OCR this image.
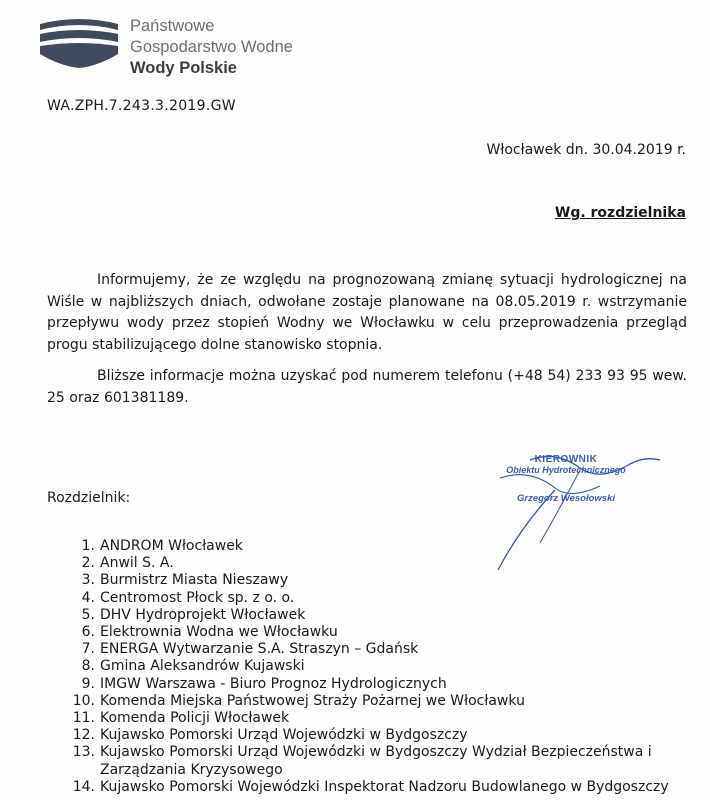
Państwowe
Gospodarstwo Wodne
Wody Polskie
WA.ZPH.7.243.3.2019.GW
Włocławek dn. 30.04.2019 r.
Wg. rozdzielnika

Informujemy, że ze względu na prognozowaną zmianę sytuacji hydrologicznej na Wiśle w najbliższych dniach, odwołane zostaje planowane na 08.05.2019 r. wstrzymanie przepływu wody przez stopień Wodny we Włocławku w celu przeprowadzenia przegląd progu stabilizującego dolne stanowisko stopnia.

Bliższe informacje można uzyskać pod numerem telefonu (+48 54) 233 93 95 wew. 25 oraz 601381189.

KIEROWNIK
Obiektu Hydrotechnicznego
Grzegorz Wesołowski
Rozdzielnik:
1. ANDROM Włocławek
2. Anwil S. A.
3. Burmistrz Miasta Nieszawy
4. Centromost Płock sp. z o. o.
5. DHV Hydroprojekt Włocławek
6. Elektrownia Wodna we Włocławku
7. ENERGA Wytwarzanie S.A. Straszyn – Gdańsk
8. Gmina Aleksandrów Kujawski
9. IMGW Warszawa - Biuro Prognoz Hydrologicznych
10. Komenda Miejska Państwowej Straży Pożarnej we Włocławku
11. Komenda Policji Włocławek
12. Kujawsko Pomorski Urząd Wojewódzki w Bydgoszczy
13. Kujawsko Pomorski Urząd Wojewódzki w Bydgoszczy Wydział Bezpieczeństwa i Zarządzania Kryzysowego
14. Kujawsko Pomorski Wojewódzki Inspektorat Nadzoru Budowlanego w Bydgoszczy
